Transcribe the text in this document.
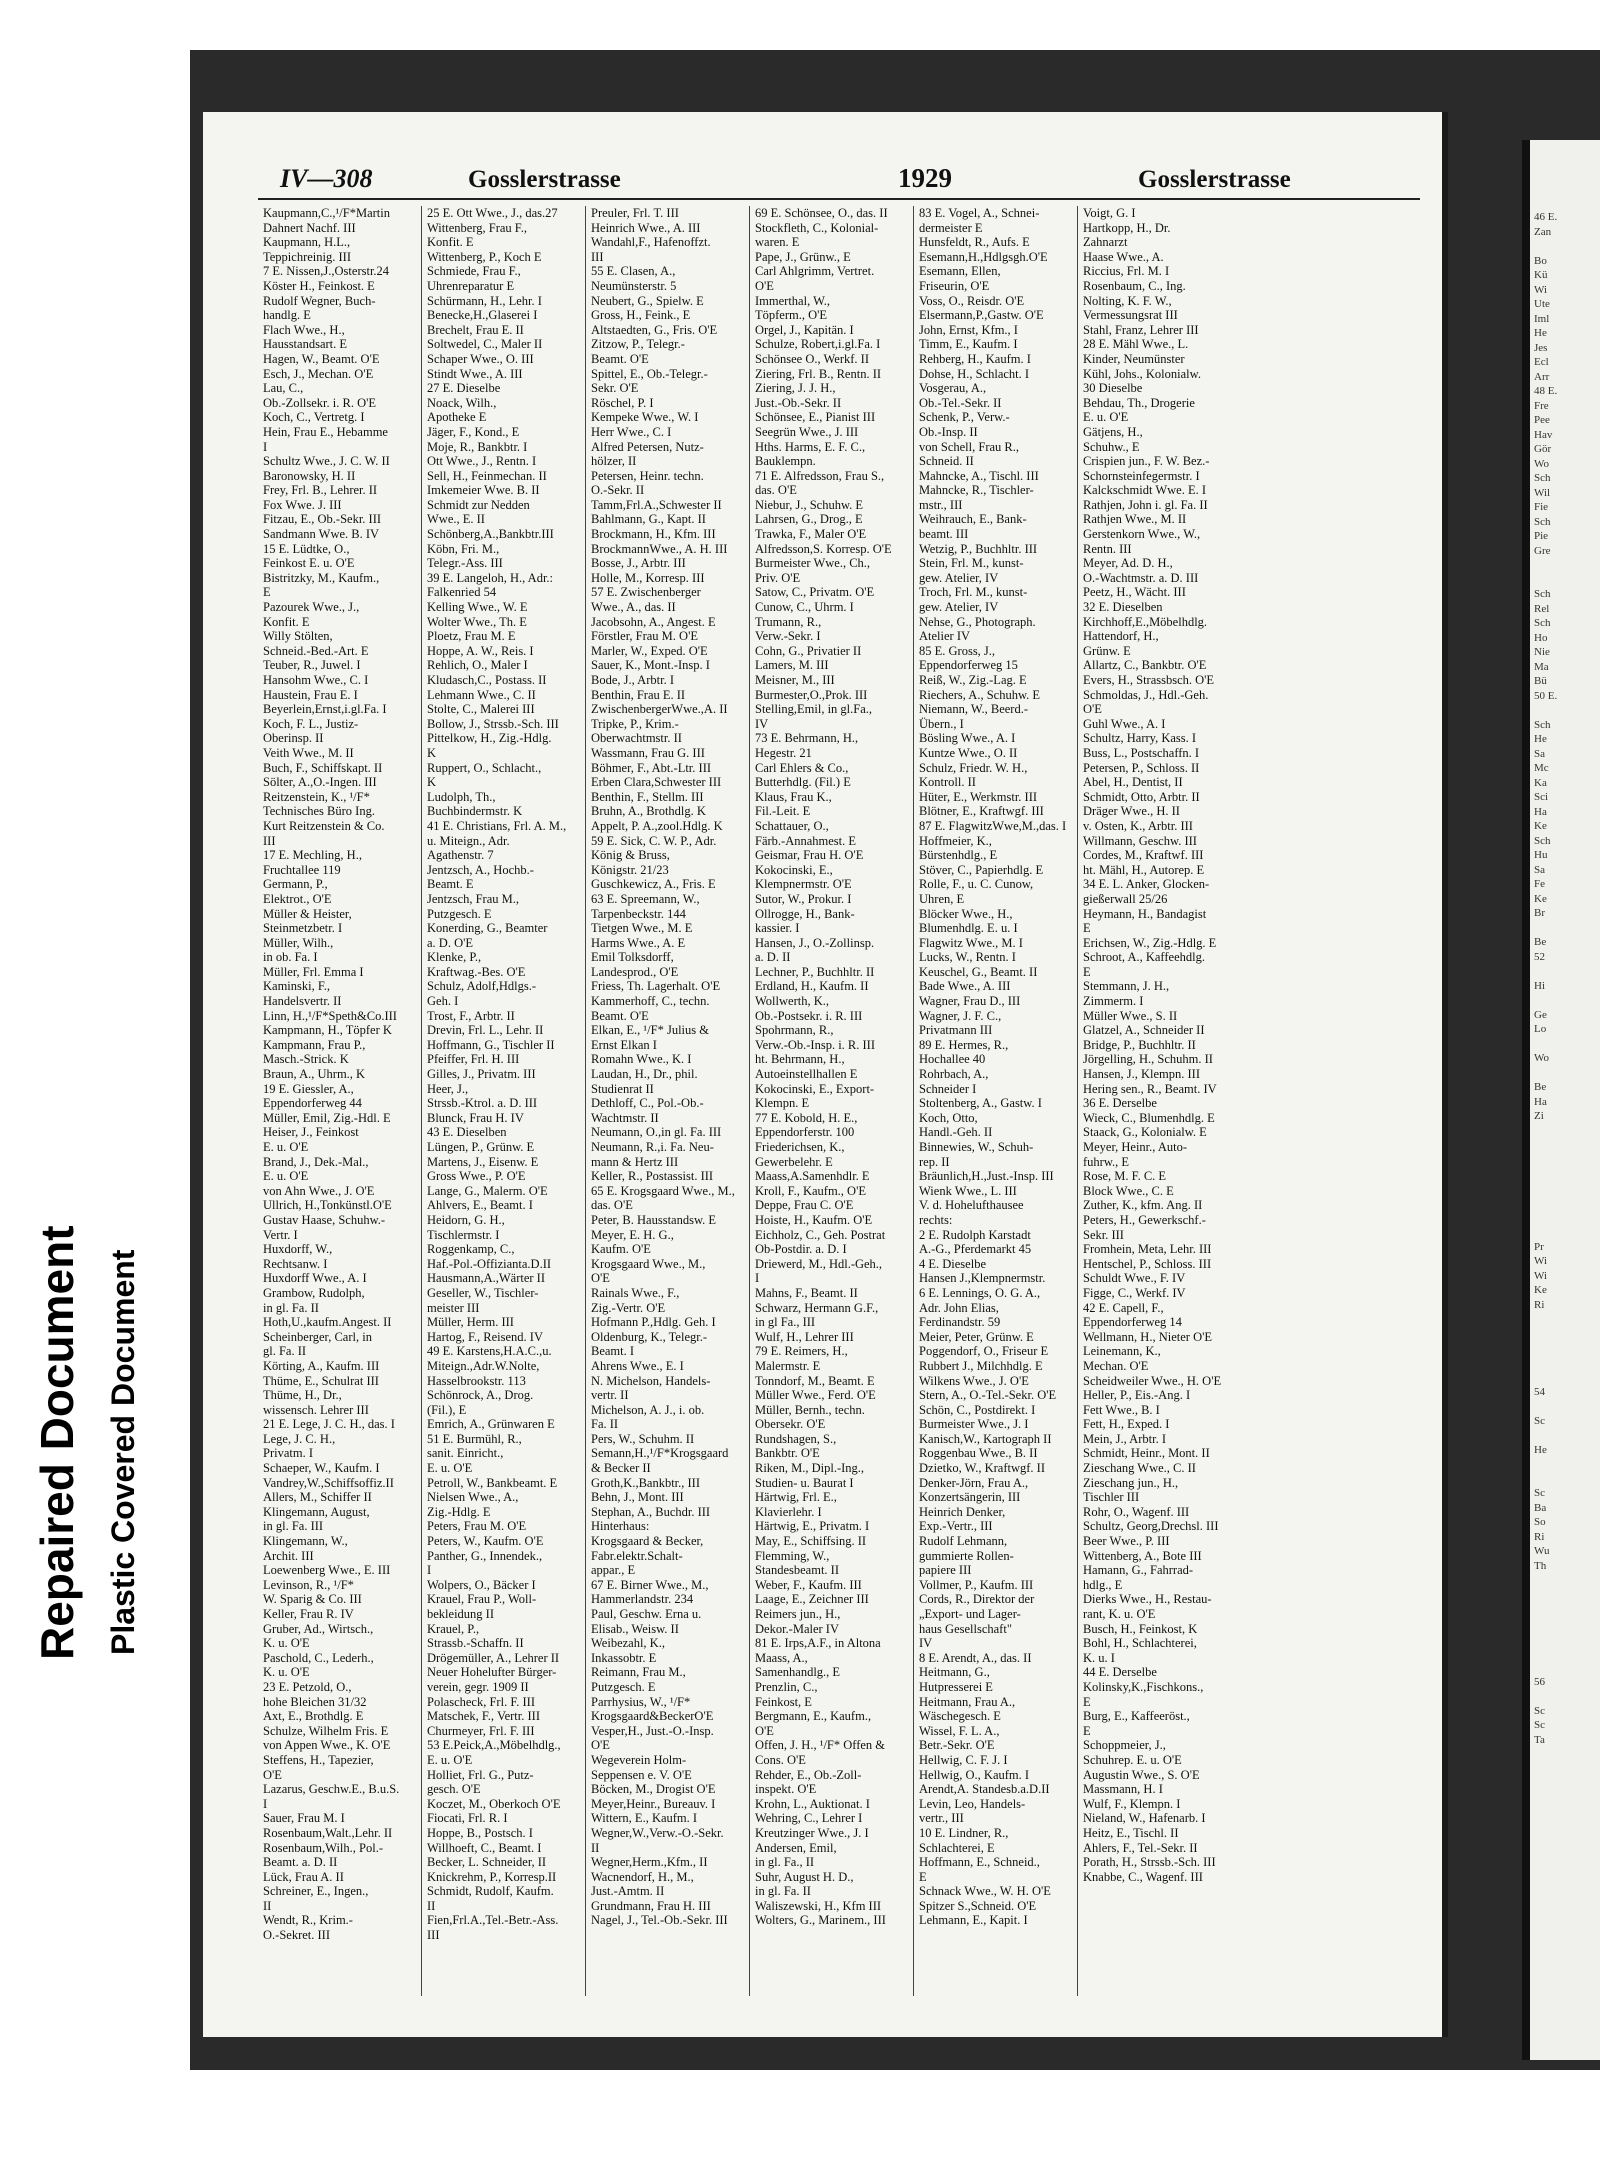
Repaired Document Plastic Covered Document
IV—308	Gosslerstrasse	1929	Gosslerstrasse
Kaupmann,C.,¹/F*Martin
Dahnert Nachf. III
Kaupmann, H.L.,
Teppichreinig. III
7 E. Nissen,J.,Osterstr.24
Köster H., Feinkost. E
Rudolf Wegner, Buch-
handlg. E
Flach Wwe., H.,
Hausstandsart. E
Hagen, W., Beamt. O'E
Esch, J., Mechan. O'E
Lau, C.,
Ob.-Zollsekr. i. R. O'E
Koch, C., Vertretg. I
Hein, Frau E., Hebamme
I
Schultz Wwe., J. C. W. II
Baronowsky, H. II
Frey, Frl. B., Lehrer. II
Fox Wwe. J. III
Fitzau, E., Ob.-Sekr. III
Sandmann Wwe. B. IV
15 E. Lüdtke, O.,
Feinkost E. u. O'E
Bistritzky, M., Kaufm.,
E
Pazourek Wwe., J.,
Konfit. E
Willy Stölten,
Schneid.-Bed.-Art. E
Teuber, R., Juwel. I
Hansohm Wwe., C. I
Haustein, Frau E. I
Beyerlein,Ernst,i.gl.Fa. I
Koch, F. L., Justiz-
Oberinsp. II
Veith Wwe., M. II
Buch, F., Schiffskapt. II
Sölter, A.,O.-Ingen. III
Reitzenstein, K., ¹/F*
Technisches Büro Ing.
Kurt Reitzenstein & Co.
III
17 E. Mechling, H.,
Fruchtallee 119
Germann, P.,
Elektrot., O'E
Müller & Heister,
Steinmetzbetr. I
Müller, Wilh.,
in ob. Fa. I
Müller, Frl. Emma I
Kaminski, F.,
Handelsvertr. II
Linn, H.,¹/F*Speth&Co.III
Kampmann, H., Töpfer K
Kampmann, Frau P.,
Masch.-Strick. K
Braun, A., Uhrm., K
19 E. Giessler, A.,
Eppendorferweg 44
Müller, Emil, Zig.-Hdl. E
Heiser, J., Feinkost
E. u. O'E
Brand, J., Dek.-Mal.,
E. u. O'E
von Ahn Wwe., J. O'E
Ullrich, H.,Tonkünstl.O'E
Gustav Haase, Schuhw.-
Vertr. I
Huxdorff, W.,
Rechtsanw. I
Huxdorff Wwe., A. I
Grambow, Rudolph,
in gl. Fa. II
Hoth,U.,kaufm.Angest. II
Scheinberger, Carl, in
gl. Fa. II
Körting, A., Kaufm. III
Thüme, E., Schulrat III
Thüme, H., Dr.,
wissensch. Lehrer III
21 E. Lege, J. C. H., das. I
Lege, J. C. H.,
Privatm. I
Schaeper, W., Kaufm. I
Vandrey,W.,Schiffsoffiz.II
Allers, M., Schiffer II
Klingemann, August,
in gl. Fa. III
Klingemann, W.,
Archit. III
Loewenberg Wwe., E. III
Levinson, R., ¹/F*
W. Sparig & Co. III
Keller, Frau R. IV
Gruber, Ad., Wirtsch.,
K. u. O'E
Paschold, C., Lederh.,
K. u. O'E
23 E. Petzold, O.,
hohe Bleichen 31/32
Axt, E., Brothdlg. E
Schulze, Wilhelm Fris. E
von Appen Wwe., K. O'E
Steffens, H., Tapezier,
O'E
Lazarus, Geschw.E., B.u.S.
I
Sauer, Frau M. I
Rosenbaum,Walt.,Lehr. II
Rosenbaum,Wilh., Pol.-
Beamt. a. D. II
Lück, Frau A. II
Schreiner, E., Ingen.,
II
Wendt, R., Krim.-
O.-Sekret. III
25 E. Ott Wwe., J., das.27
Wittenberg, Frau F.,
Konfit. E
Wittenberg, P., Koch E
Schmiede, Frau F.,
Uhrenreparatur E
Schürmann, H., Lehr. I
Benecke,H.,Glaserei I
Brechelt, Frau E. II
Soltwedel, C., Maler II
Schaper Wwe., O. III
Stindt Wwe., A. III
27 E. Dieselbe
Noack, Wilh.,
Apotheke E
Jäger, F., Kond., E
Moje, R., Bankbtr. I
Ott Wwe., J., Rentn. I
Sell, H., Feinmechan. II
Imkemeier Wwe. B. II
Schmidt zur Nedden
Wwe., E. II
Schönberg,A.,Bankbtr.III
Köbn, Fri. M.,
Telegr.-Ass. III
39 E. Langeloh, H., Adr.:
Falkenried 54
Kelling Wwe., W. E
Wolter Wwe., Th. E
Ploetz, Frau M. E
Hoppe, A. W., Reis. I
Rehlich, O., Maler I
Kludasch,C., Postass. II
Lehmann Wwe., C. II
Stolte, C., Malerei III
Bollow, J., Strssb.-Sch. III
Pittelkow, H., Zig.-Hdlg.
K
Ruppert, O., Schlacht.,
K
Ludolph, Th.,
Buchbindermstr. K
41 E. Christians, Frl. A. M.,
u. Miteign., Adr.
Agathenstr. 7
Jentzsch, A., Hochb.-
Beamt. E
Jentzsch, Frau M.,
Putzgesch. E
Konerding, G., Beamter
a. D. O'E
Klenke, P.,
Kraftwag.-Bes. O'E
Schulz, Adolf,Hdlgs.-
Geh. I
Trost, F., Arbtr. II
Drevin, Frl. L., Lehr. II
Hoffmann, G., Tischler II
Pfeiffer, Frl. H. III
Gilles, J., Privatm. III
Heer, J.,
Strssb.-Ktrol. a. D. III
Blunck, Frau H. IV
43 E. Dieselben
Lüngen, P., Grünw. E
Martens, J., Eisenw. E
Gross Wwe., P. O'E
Lange, G., Malerm. O'E
Ahlvers, E., Beamt. I
Heidorn, G. H.,
Tischlermstr. I
Roggenkamp, C.,
Haf.-Pol.-Offizianta.D.II
Hausmann,A.,Wärter II
Geseller, W., Tischler-
meister III
Müller, Herm. III
Hartog, F., Reisend. IV
49 E. Karstens,H.A.C.,u.
Miteign.,Adr.W.Nolte,
Hasselbrookstr. 113
Schönrock, A., Drog.
(Fil.), E
Emrich, A., Grünwaren E
51 E. Burmühl, R.,
sanit. Einricht.,
E. u. O'E
Petroll, W., Bankbeamt. E
Nielsen Wwe., A.,
Zig.-Hdlg. E
Peters, Frau M. O'E
Peters, W., Kaufm. O'E
Panther, G., Innendek.,
I
Wolpers, O., Bäcker I
Krauel, Frau P., Woll-
bekleidung II
Krauel, P.,
Strassb.-Schaffn. II
Drögemüller, A., Lehrer II
Neuer Hohelufter Bürger-
verein, gegr. 1909 II
Polascheck, Frl. F. III
Matschek, F., Vertr. III
Churmeyer, Frl. F. III
53 E.Peick,A.,Möbelhdlg.,
E. u. O'E
Holliet, Frl. G., Putz-
gesch. O'E
Koczet, M., Oberkoch O'E
Fiocati, Frl. R. I
Hoppe, B., Postsch. I
Willhoeft, C., Beamt. I
Becker, L. Schneider, II
Knickrehm, P., Korresp.II
Schmidt, Rudolf, Kaufm.
II
Fien,Frl.A.,Tel.-Betr.-Ass.
III
Preuler, Frl. T. III
Heinrich Wwe., A. III
Wandahl,F., Hafenoffzt.
III
55 E. Clasen, A.,
Neumünsterstr. 5
Neubert, G., Spielw. E
Gross, H., Feink., E
Altstaedten, G., Fris. O'E
Zitzow, P., Telegr.-
Beamt. O'E
Spittel, E., Ob.-Telegr.-
Sekr. O'E
Röschel, P. I
Kempeke Wwe., W. I
Herr Wwe., C. I
Alfred Petersen, Nutz-
hölzer, II
Petersen, Heinr. techn.
O.-Sekr. II
Tamm,Frl.A.,Schwester II
Bahlmann, G., Kapt. II
Brockmann, H., Kfm. III
BrockmannWwe., A. H. III
Bosse, J., Arbtr. III
Holle, M., Korresp. III
57 E. Zwischenberger
Wwe., A., das. II
Jacobsohn, A., Angest. E
Förstler, Frau M. O'E
Marler, W., Exped. O'E
Sauer, K., Mont.-Insp. I
Bode, J., Arbtr. I
Benthin, Frau E. II
ZwischenbergerWwe.,A. II
Tripke, P., Krim.-
Oberwachtmstr. II
Wassmann, Frau G. III
Böhmer, F., Abt.-Ltr. III
Erben Clara,Schwester III
Benthin, F., Stellm. III
Bruhn, A., Brothdlg. K
Appelt, P. A.,zool.Hdlg. K
59 E. Sick, C. W. P., Adr.
König & Bruss,
Königstr. 21/23
Guschkewicz, A., Fris. E
63 E. Spreemann, W.,
Tarpenbeckstr. 144
Tietgen Wwe., M. E
Harms Wwe., A. E
Emil Tolksdorff,
Landesprod., O'E
Friess, Th. Lagerhalt. O'E
Kammerhoff, C., techn.
Beamt. O'E
Elkan, E., ¹/F* Julius &
Ernst Elkan I
Romahn Wwe., K. I
Laudan, H., Dr., phil.
Studienrat II
Dethloff, C., Pol.-Ob.-
Wachtmstr. II
Neumann, O.,in gl. Fa. III
Neumann, R.,i. Fa. Neu-
mann & Hertz III
Keller, R., Postassist. III
65 E. Krogsgaard Wwe., M.,
das. O'E
Peter, B. Hausstandsw. E
Meyer, E. H. G.,
Kaufm. O'E
Krogsgaard Wwe., M.,
O'E
Rainals Wwe., F.,
Zig.-Vertr. O'E
Hofmann P.,Hdlg. Geh. I
Oldenburg, K., Telegr.-
Beamt. I
Ahrens Wwe., E. I
N. Michelson, Handels-
vertr. II
Michelson, A. J., i. ob.
Fa. II
Pers, W., Schuhm. II
Semann,H.,¹/F*Krogsgaard
& Becker II
Groth,K.,Bankbtr., III
Behn, J., Mont. III
Stephan, A., Buchdr. III
Hinterhaus:
Krogsgaard & Becker,
Fabr.elektr.Schalt-
appar., E
67 E. Birner Wwe., M.,
Hammerlandstr. 234
Paul, Geschw. Erna u.
Elisab., Weisw. II
Weibezahl, K.,
Inkassobtr. E
Reimann, Frau M.,
Putzgesch. E
Parrhysius, W., ¹/F*
Krogsgaard&BeckerO'E
Vesper,H., Just.-O.-Insp.
O'E
Wegeverein Holm-
Seppensen e. V. O'E
Böcken, M., Drogist O'E
Meyer,Heinr., Bureauv. I
Wittern, E., Kaufm. I
Wegner,W.,Verw.-O.-Sekr.
II
Wegner,Herm.,Kfm., II
Wacnendorf, H., M.,
Just.-Amtm. II
Grundmann, Frau H. III
Nagel, J., Tel.-Ob.-Sekr. III
69 E. Schönsee, O., das. II
Stockfleth, C., Kolonial-
waren. E
Pape, J., Grünw., E
Carl Ahlgrimm, Vertret.
O'E
Immerthal, W.,
Töpferm., O'E
Orgel, J., Kapitän. I
Schulze, Robert,i.gl.Fa. I
Schönsee O., Werkf. II
Ziering, Frl. B., Rentn. II
Ziering, J. J. H.,
Just.-Ob.-Sekr. II
Schönsee, E., Pianist III
Seegrün Wwe., J. III
Hths. Harms, E. F. C.,
Bauklempn.
71 E. Alfredsson, Frau S.,
das. O'E
Niebur, J., Schuhw. E
Lahrsen, G., Drog., E
Trawka, F., Maler O'E
Alfredsson,S. Korresp. O'E
Burmeister Wwe., Ch.,
Priv. O'E
Satow, C., Privatm. O'E
Cunow, C., Uhrm. I
Trumann, R.,
Verw.-Sekr. I
Cohn, G., Privatier II
Lamers, M. III
Meisner, M., III
Burmester,O.,Prok. III
Stelling,Emil, in gl.Fa.,
IV
73 E. Behrmann, H.,
Hegestr. 21
Carl Ehlers & Co.,
Butterhdlg. (Fil.) E
Klaus, Frau K.,
Fil.-Leit. E
Schattauer, O.,
Färb.-Annahmest. E
Geismar, Frau H. O'E
Kokocinski, E.,
Klempnermstr. O'E
Sutor, W., Prokur. I
Ollrogge, H., Bank-
kassier. I
Hansen, J., O.-Zollinsp.
a. D. II
Lechner, P., Buchhltr. II
Erdland, H., Kaufm. II
Wollwerth, K.,
Ob.-Postsekr. i. R. III
Spohrmann, R.,
Verw.-Ob.-Insp. i. R. III
ht. Behrmann, H.,
Autoeinstellhallen E
Kokocinski, E., Export-
Klempn. E
77 E. Kobold, H. E.,
Eppendorferstr. 100
Friederichsen, K.,
Gewerbelehr. E
Maass,A.Samenhdlr. E
Kroll, F., Kaufm., O'E
Deppe, Frau C. O'E
Hoiste, H., Kaufm. O'E
Eichholz, C., Geh. Postrat
Ob-Postdir. a. D. I
Driewerd, M., Hdl.-Geh.,
I
Mahns, F., Beamt. II
Schwarz, Hermann G.F.,
in gl Fa., III
Wulf, H., Lehrer III
79 E. Reimers, H.,
Malermstr. E
Tonndorf, M., Beamt. E
Müller Wwe., Ferd. O'E
Müller, Bernh., techn.
Obersekr. O'E
Rundshagen, S.,
Bankbtr. O'E
Riken, M., Dipl.-Ing.,
Studien- u. Baurat I
Härtwig, Frl. E.,
Klavierlehr. I
Härtwig, E., Privatm. I
May, E., Schiffsing. II
Flemming, W.,
Standesbeamt. II
Weber, F., Kaufm. III
Laage, E., Zeichner III
Reimers jun., H.,
Dekor.-Maler IV
81 E. Irps,A.F., in Altona
Maass, A.,
Samenhandlg., E
Prenzlin, C.,
Feinkost, E
Bergmann, E., Kaufm.,
O'E
Offen, J. H., ¹/F* Offen &
Cons. O'E
Rehder, E., Ob.-Zoll-
inspekt. O'E
Krohn, L., Auktionat. I
Wehring, C., Lehrer I
Kreutzinger Wwe., J. I
Andersen, Emil,
in gl. Fa., II
Suhr, August H. D.,
in gl. Fa. II
Waliszewski, H., Kfm III
Wolters, G., Marinem., III
83 E. Vogel, A., Schnei-
dermeister E
Hunsfeldt, R., Aufs. E
Esemann,H.,Hdlgsgh.O'E
Esemann, Ellen,
Friseurin, O'E
Voss, O., Reisdr. O'E
Elsermann,P.,Gastw. O'E
John, Ernst, Kfm., I
Timm, E., Kaufm. I
Rehberg, H., Kaufm. I
Dohse, H., Schlacht. I
Vosgerau, A.,
Ob.-Tel.-Sekr. II
Schenk, P., Verw.-
Ob.-Insp. II
von Schell, Frau R.,
Schneid. II
Mahncke, A., Tischl. III
Mahncke, R., Tischler-
mstr., III
Weihrauch, E., Bank-
beamt. III
Wetzig, P., Buchhltr. III
Stein, Frl. M., kunst-
gew. Atelier, IV
Troch, Frl. M., kunst-
gew. Atelier, IV
Nehse, G., Photograph.
Atelier IV
85 E. Gross, J.,
Eppendorferweg 15
Reiß, W., Zig.-Lag. E
Riechers, A., Schuhw. E
Niemann, W., Beerd.-
Übern., I
Bösling Wwe., A. I
Kuntze Wwe., O. II
Schulz, Friedr. W. H.,
Kontroll. II
Hüter, E., Werkmstr. III
Blötner, E., Kraftwgf. III
87 E. FlagwitzWwe,M.,das. I
Hoffmeier, K.,
Bürstenhdlg., E
Stöver, C., Papierhdlg. E
Rolle, F., u. C. Cunow,
Uhren, E
Blöcker Wwe., H.,
Blumenhdlg. E. u. I
Flagwitz Wwe., M. I
Lucks, W., Rentn. I
Keuschel, G., Beamt. II
Bade Wwe., A. III
Wagner, Frau D., III
Wagner, J. F. C.,
Privatmann III
89 E. Hermes, R.,
Hochallee 40
Rohrbach, A.,
Schneider I
Stoltenberg, A., Gastw. I
Koch, Otto,
Handl.-Geh. II
Binnewies, W., Schuh-
rep. II
Bräunlich,H.,Just.-Insp. III
Wienk Wwe., L. III
V. d. Hohelufthausee
rechts:
2 E. Rudolph Karstadt
A.-G., Pferdemarkt 45
4 E. Dieselbe
Hansen J.,Klempnermstr.
6 E. Lennings, O. G. A.,
Adr. John Elias,
Ferdinandstr. 59
Meier, Peter, Grünw. E
Poggendorf, O., Friseur E
Rubbert J., Milchhdlg. E
Wilkens Wwe., J. O'E
Stern, A., O.-Tel.-Sekr. O'E
Schön, C., Postdirekt. I
Burmeister Wwe., J. I
Kanisch,W., Kartograph II
Roggenbau Wwe., B. II
Dzietko, W., Kraftwgf. II
Denker-Jörn, Frau A.,
Konzertsängerin, III
Heinrich Denker,
Exp.-Vertr., III
Rudolf Lehmann,
gummierte Rollen-
papiere III
Vollmer, P., Kaufm. III
Cords, R., Direktor der
„Export- und Lager-
haus Gesellschaft"
IV
8 E. Arendt, A., das. II
Heitmann, G.,
Hutpresserei E
Heitmann, Frau A.,
Wäschegesch. E
Wissel, F. L. A.,
Betr.-Sekr. O'E
Hellwig, C. F. J. I
Hellwig, O., Kaufm. I
Arendt,A. Standesb.a.D.II
Levin, Leo, Handels-
vertr., III
10 E. Lindner, R.,
Schlachterei, E
Hoffmann, E., Schneid.,
E
Schnack Wwe., W. H. O'E
Spitzer S.,Schneid. O'E
Lehmann, E., Kapit. I
Voigt, G. I
Hartkopp, H., Dr.
Zahnarzt
Haase Wwe., A.
Riccius, Frl. M. I
Rosenbaum, C., Ing.
Nolting, K. F. W.,
Vermessungsrat III
Stahl, Franz, Lehrer III
28 E. Mähl Wwe., L.
Kinder, Neumünster
Kühl, Johs., Kolonialw.
30 Dieselbe
Behdau, Th., Drogerie
E. u. O'E
Gätjens, H.,
Schuhw., E
Crispien jun., F. W. Bez.-
Schornsteinfegermstr. I
Kalckschmidt Wwe. E. I
Rathjen, John i. gl. Fa. II
Rathjen Wwe., M. II
Gerstenkorn Wwe., W.,
Rentn. III
Meyer, Ad. D. H.,
O.-Wachtmstr. a. D. III
Peetz, H., Wächt. III
32 E. Dieselben
Kirchhoff,E.,Möbelhdlg.
Hattendorf, H.,
Grünw. E
Allartz, C., Bankbtr. O'E
Evers, H., Strassbsch. O'E
Schmoldas, J., Hdl.-Geh.
O'E
Guhl Wwe., A. I
Schultz, Harry, Kass. I
Buss, L., Postschaffn. I
Petersen, P., Schloss. II
Abel, H., Dentist, II
Schmidt, Otto, Arbtr. II
Dräger Wwe., H. II
v. Osten, K., Arbtr. III
Willmann, Geschw. III
Cordes, M., Kraftwf. III
ht. Mähl, H., Autorep. E
34 E. L. Anker, Glocken-
gießerwall 25/26
Heymann, H., Bandagist
E
Erichsen, W., Zig.-Hdlg. E
Schroot, A., Kaffeehdlg.
E
Stemmann, J. H.,
Zimmerm. I
Müller Wwe., S. II
Glatzel, A., Schneider II
Bridge, P., Buchhltr. II
Jörgelling, H., Schuhm. II
Hansen, J., Klempn. III
Hering sen., R., Beamt. IV
36 E. Derselbe
Wieck, C., Blumenhdlg. E
Staack, G., Kolonialw. E
Meyer, Heinr., Auto-
fuhrw., E
Rose, M. F. C. E
Block Wwe., C. E
Zuther, K., kfm. Ang. II
Peters, H., Gewerkschf.-
Sekr. III
Fromhein, Meta, Lehr. III
Hentschel, P., Schloss. III
Schuldt Wwe., F. IV
Figge, C., Werkf. IV
42 E. Capell, F.,
Eppendorferweg 14
Wellmann, H., Nieter O'E
Leinemann, K.,
Mechan. O'E
Scheidweiler Wwe., H. O'E
Heller, P., Eis.-Ang. I
Fett Wwe., B. I
Fett, H., Exped. I
Mein, J., Arbtr. I
Schmidt, Heinr., Mont. II
Zieschang Wwe., C. II
Zieschang jun., H.,
Tischler III
Rohr, O., Wagenf. III
Schultz, Georg,Drechsl. III
Beer Wwe., P. III
Wittenberg, A., Bote III
Hamann, G., Fahrrad-
hdlg., E
Dierks Wwe., H., Restau-
rant, K. u. O'E
Busch, H., Feinkost, K
Bohl, H., Schlachterei,
K. u. I
44 E. Derselbe
Kolinsky,K.,Fischkons.,
E
Burg, E., Kaffeeröst.,
E
Schoppmeier, J.,
Schuhrep. E. u. O'E
Augustin Wwe., S. O'E
Massmann, H. I
Wulf, F., Klempn. I
Nieland, W., Hafenarb. I
Heitz, E., Tischl. II
Ahlers, F., Tel.-Sekr. II
Porath, H., Strssb.-Sch. III
Knabbe, C., Wagenf. III
46 E.
Zan
Bo
Kü
Wi
Ute
Iml
He
Jes
Ecl
Arr
48 E.
Fre
Pee
Hav
Gör
Wo
Sch
Wil
Fie
Sch
Pie
Gre
Sch
Rel
Sch
Ho
Nie
Ma
Bü
50 E.
Sch
He
Sa
Mc
Ka
Sci
Ha
Ke
Sch
Hu
Sa
Fe
Ke
Br
Be
52
Hi
Ge
Lo
Wo
Be
Ha
Zi
Pr
Wi
Wi
Ke
Ri
54
Sc
He
Sc
Ba
So
Ri
Wu
Th
56
Sc
Sc
Ta
